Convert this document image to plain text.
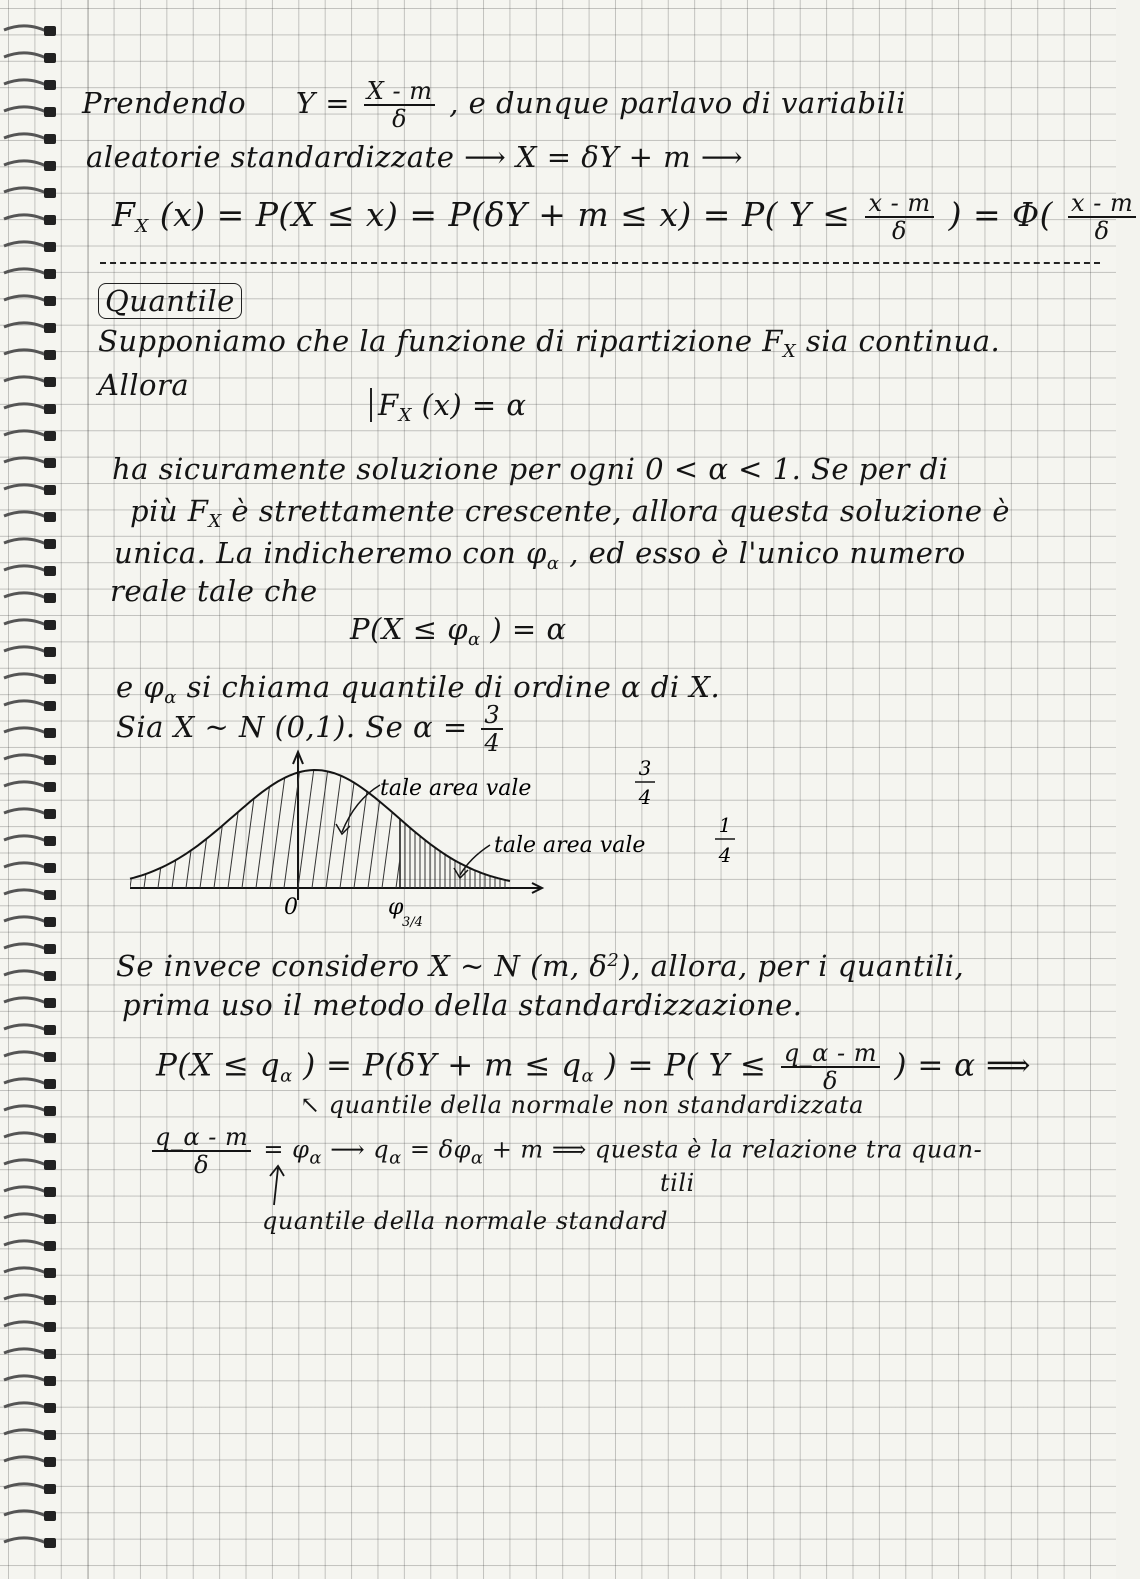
Prendendo $Y = \frac{X - m}{\delta}$ , e dunque parlavo di variabili
aleatorie standardizzate ⟶ X = δY + m ⟶
$F_X$ (x) = P(X ≤ x) = P(δY + m ≤ x) = P( $Y \le \frac{x - m}{\delta}$ ) = $\Phi( \frac{x - m}{\delta}$
Quantile
Supponiamo che la funzione di ripartizione $F_X$ sia continua.
Allora
$F_X$ (x) = α
ha sicuramente soluzione per ogni 0 < α < 1. Se per di
più $F_X$ è strettamente crescente, allora questa soluzione è
unica. La indicheremo con $\varphi_\alpha$ , ed esso è l'unico numero
reale tale che
$P(X \le \varphi_\alpha$ ) = α
e $\varphi_\alpha$ si chiama quantile di ordine α di X.
Sia X ~ N (0,1). Se $\alpha = \frac{3}{4}$
tale area vale
3
4
tale area vale
1
4
0	φ
3/4
Se invece considero X ~ N (m, $\delta^2$), allora, per i quantili,
prima uso il metodo della standardizzazione.
$P(X \le q_\alpha$ ) = $P(\delta Y + m \le q_\alpha$ ) = P( $Y \le \frac{q\_\alpha - m}{\delta}$ ) = α ⟹
↖ quantile della normale non standardizzata
$\frac{q\_\alpha - m}{\delta} = \varphi_\alpha$ ⟶ $q_\alpha = \delta\varphi_\alpha + m$ ⟹ questa è la relazione tra quan-
tili
quantile della normale standard
